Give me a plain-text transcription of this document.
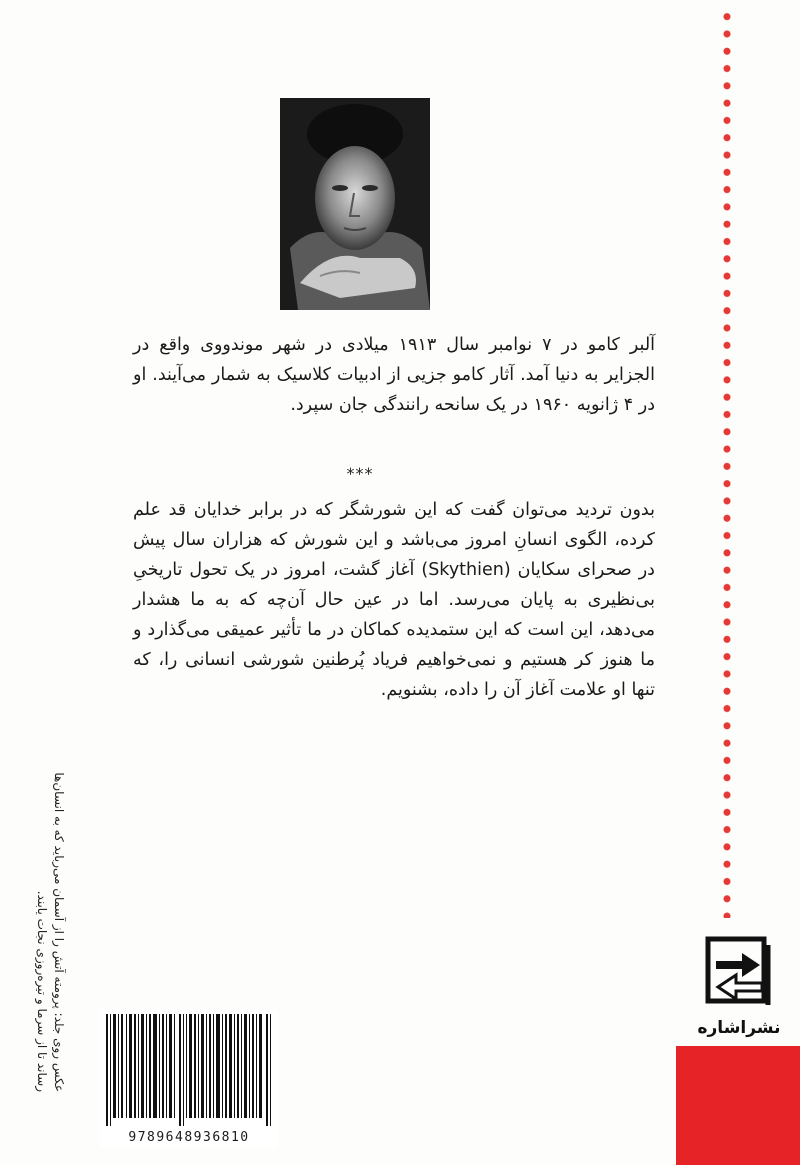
آلبر کامو در ۷ نوامبر سال ۱۹۱۳ میلادی در شهر موندووی واقع در الجزایر به دنیا آمد. آثار کامو جزیی از ادبیات کلاسیک به شمار می‌آیند. او در ۴ ژانویه ۱۹۶۰ در یک سانحه رانندگی جان سپرد.
***
بدون تردید می‌توان گفت که این شورشگر که در برابر خدایان قد علم کرده، الگوی انسانِ امروز می‌باشد و این شورش که هزاران سال پیش در صحرای سکایان (Skythien) آغاز گشت، امروز در یک تحول تاریخیِ بی‌نظیری به پایان می‌رسد. اما در عین حال آن‌چه که به ما هشدار می‌دهد، این است که این ستمدیده کماکان در ما تأثیر عمیقی می‌گذارد و ما هنوز کر هستیم و نمی‌خواهیم فریاد پُرطنین شورشی انسانی را، که تنها او علامت آغاز آن را داده، بشنویم.
عکس روی جلد: پرومته آتش را از آسمان می‌رباید که به انسان‌ها رساند تا از سرما و تیره‌روزی نجات یابند.
9789648936810
نشراشاره
